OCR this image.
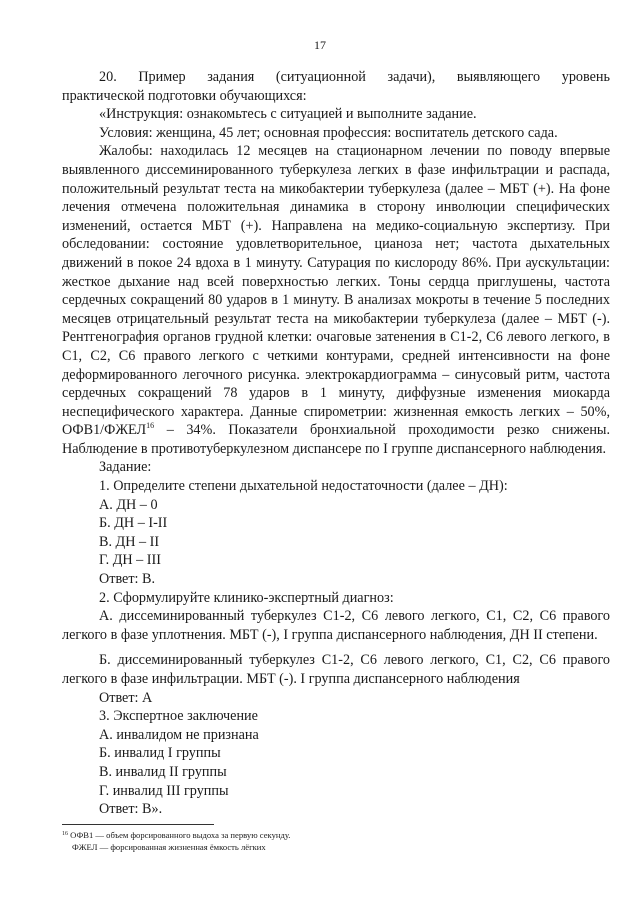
17

20. Пример задания (ситуационной задачи), выявляющего уровень

практической подготовки обучающихся:

«Инструкция: ознакомьтесь с ситуацией и выполните задание.

Условия: женщина, 45 лет; основная профессия: воспитатель детского сада.

Жалобы: находилась 12 месяцев на стационарном лечении по поводу впервые выявленного диссеминированного туберкулеза легких в фазе инфильтрации и распада, положительный результат теста на микобактерии туберкулеза (далее – МБТ (+). На фоне лечения отмечена положительная динамика в сторону инволюции специфических изменений, остается МБТ (+). Направлена на медико-социальную экспертизу. При обследовании: состояние удовлетворительное, цианоза нет; частота дыхательных движений в покое 24 вдоха в 1 минуту. Сатурация по кислороду 86%. При аускультации: жесткое дыхание над всей поверхностью легких. Тоны сердца приглушены, частота сердечных сокращений 80 ударов в 1 минуту. В анализах мокроты в течение 5 последних месяцев отрицательный результат теста на микобактерии туберкулеза (далее – МБТ (-). Рентгенография органов грудной клетки: очаговые затенения в С1-2, С6 левого легкого, в С1, С2, С6 правого легкого с четкими контурами, средней интенсивности на фоне деформированного легочного рисунка. электрокардиограмма – синусовый ритм, частота сердечных сокращений 78 ударов в 1 минуту, диффузные изменения миокарда неспецифического характера. Данные спирометрии: жизненная емкость легких – 50%, ОФВ1/ФЖЕЛ$^{16}$ – 34%. Показатели бронхиальной проходимости резко снижены. Наблюдение в противотуберкулезном диспансере по I группе диспансерного наблюдения.

Задание:

1. Определите степени дыхательной недостаточности (далее – ДН):

А. ДН – 0

Б. ДН – I-II

В. ДН – II

Г. ДН – III

Ответ: В.

2. Сформулируйте клинико-экспертный диагноз:

А. диссеминированный туберкулез С1-2, С6 левого легкого, С1, С2, С6 правого легкого в фазе уплотнения. МБТ (-), I группа диспансерного наблюдения, ДН II степени.

Б. диссеминированный туберкулез С1-2, С6 левого легкого, С1, С2, С6 правого легкого в фазе инфильтрации. МБТ (-). I группа диспансерного наблюдения

Ответ: А

3. Экспертное заключение

А. инвалидом не признана

Б. инвалид I группы

В. инвалид II группы

Г. инвалид III группы

Ответ: В».

$^{16}$ ОФВ1 — объем форсированного выдоха за первую секунду.
ФЖЕЛ — форсированная жизненная ёмкость лёгких
